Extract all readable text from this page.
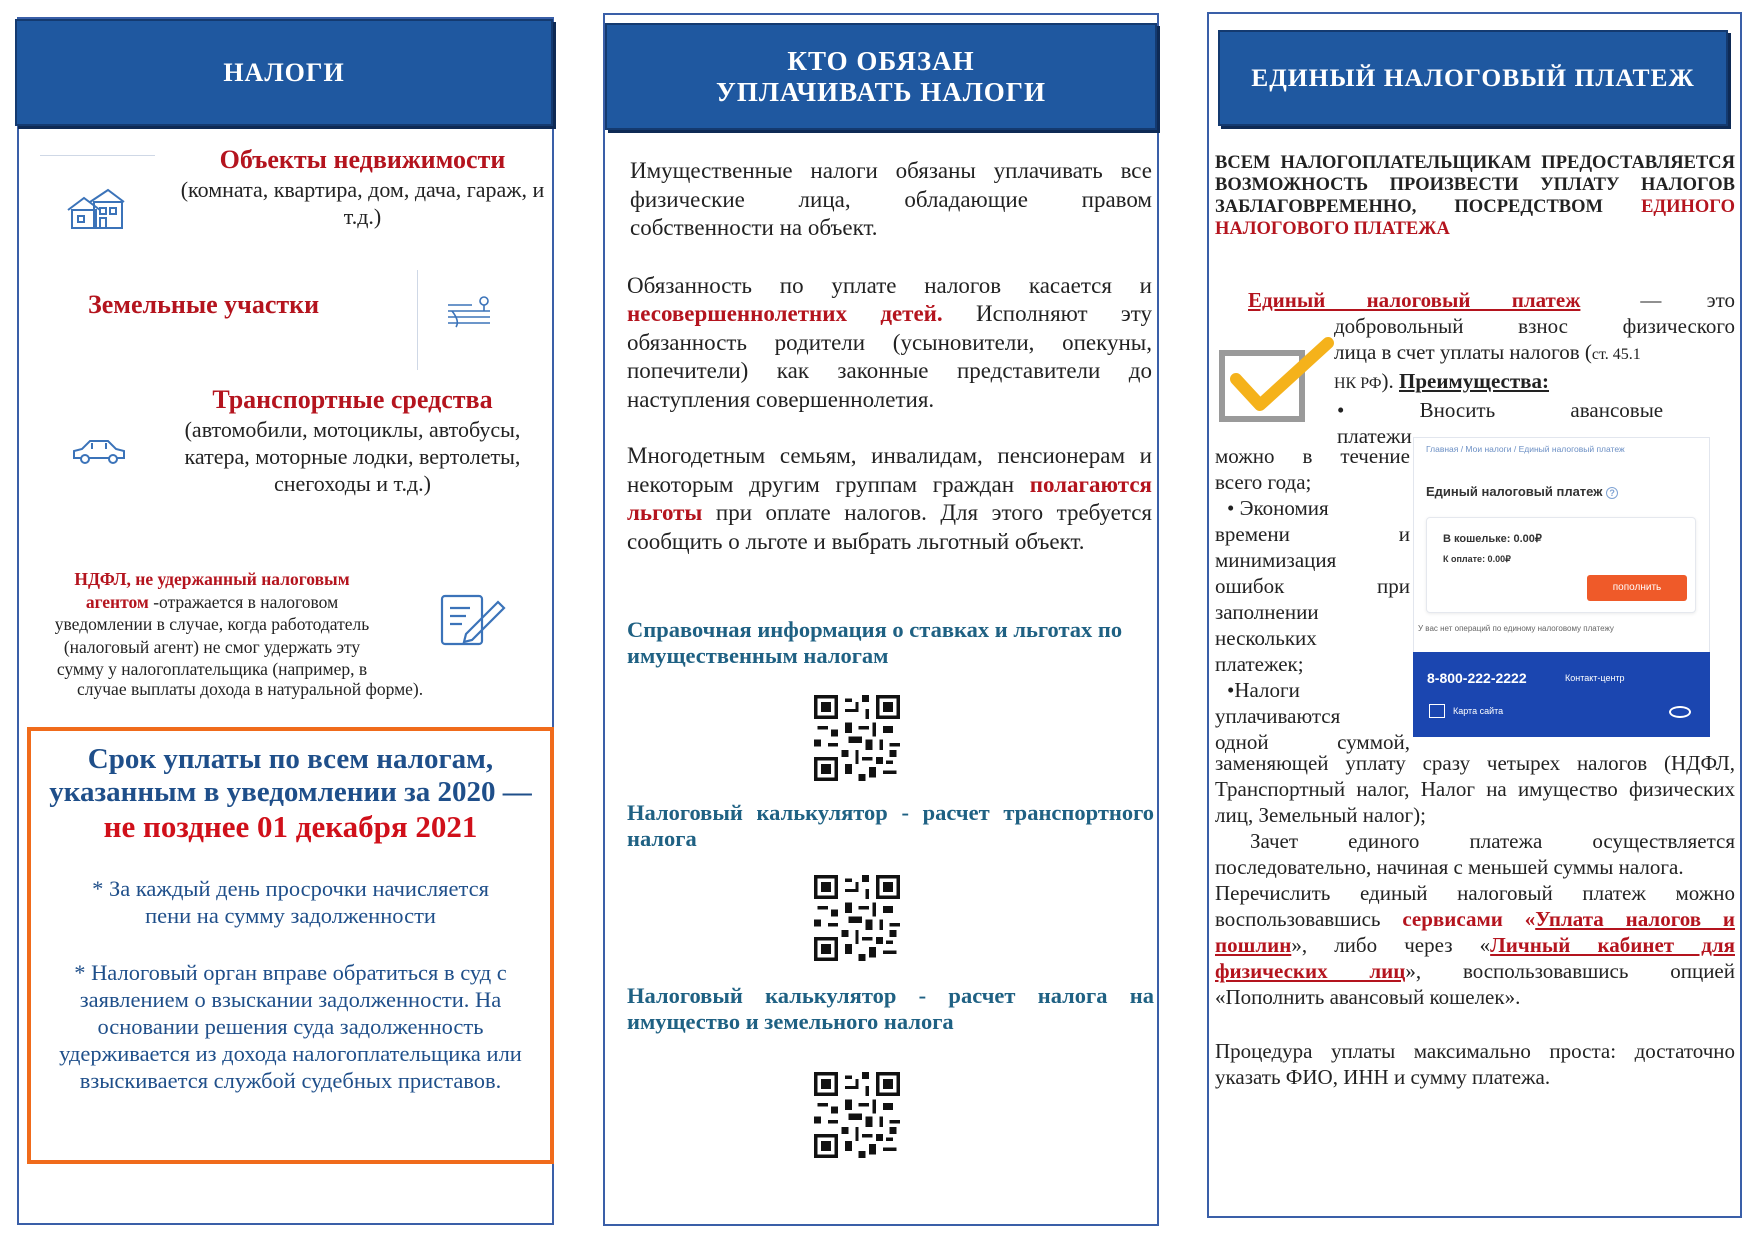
НАЛОГИ
Объекты недвижимости
(комната, квартира, дом, дача, гараж, и т.д.)
Земельные участки
Транспортные средства
(автомобили, мотоциклы, автобусы, катера, моторные лодки, вертолеты, снегоходы и т.д.)
НДФЛ, не удержанный налоговым
агентом -отражается в налоговом
уведомлении в случае, когда работодатель
(налоговый агент) не смог удержать эту
сумму у налогоплательщика (например, в
случае выплаты дохода в натуральной форме).
Срок уплаты по всем налогам,
указанным в уведомлении за 2020 —
не позднее 01 декабря 2021
* За каждый день просрочки начисляется пени на сумму задолженности
* Налоговый орган вправе обратиться в суд с заявлением о взыскании задолженности. На основании решения суда задолженность удерживается из дохода налогоплательщика или взыскивается службой судебных приставов.
КТО ОБЯЗАН УПЛАЧИВАТЬ НАЛОГИ

Имущественные налоги обязаны уплачивать все физические лица, обладающие правом собственности на объект.

Обязанность по уплате налогов касается и несовершеннолетних детей. Исполняют эту обязанность родители (усыновители, опекуны, попечители) как законные представители до наступления совершеннолетия.

Многодетным семьям, инвалидам, пенсионерам и некоторым другим группам граждан полагаются льготы при оплате налогов. Для этого требуется сообщить о льготе и выбрать льготный объект.

Справочная информация о ставках и льготах по имущественным налогам
Налоговый калькулятор - расчет транспортного налога
Налоговый калькулятор - расчет налога на имущество и земельного налога
ЕДИНЫЙ НАЛОГОВЫЙ ПЛАТЕЖ
ВСЕМ НАЛОГОПЛАТЕЛЬЩИКАМ ПРЕДОСТАВЛЯЕТСЯ ВОЗМОЖНОСТЬ ПРОИЗВЕСТИ УПЛАТУ НАЛОГОВ ЗАБЛАГОВРЕМЕННО, ПОСРЕДСТВОМ ЕДИНОГО НАЛОГОВОГО ПЛАТЕЖА
Единый налоговый платеж	— это
добровольный взнос физического
лица в счет уплаты налогов (ст. 45.1
НК РФ). Преимущества:
• Вносить авансовые платежи
можно в течение
всего года;
• Экономия
времени и
минимизация
ошибок при
заполнении
нескольких
платежек;
•Налоги
уплачиваются
одной суммой,
Главная / Мои налоги / Единый налоговый платеж
Единый налоговый платеж ?
В кошельке: 0.00₽
К оплате: 0.00₽
пополнить
У вас нет операций по единому налоговому платежу
8-800-222-2222	Контакт-центр
Карта сайта

заменяющей уплату сразу четырех налогов (НДФЛ, Транспортный налог, Налог на имущество физических лиц, Земельный налог);

Зачет единого платежа осуществляется последовательно, начиная с меньшей суммы налога.

Перечислить единый налоговый платеж можно воспользовавшись сервисами «Уплата налогов и пошлин», либо через «Личный кабинет для физических лиц», воспользовавшись опцией «Пополнить авансовый кошелек».

Процедура уплаты максимально проста: достаточно указать ФИО, ИНН и сумму платежа.
